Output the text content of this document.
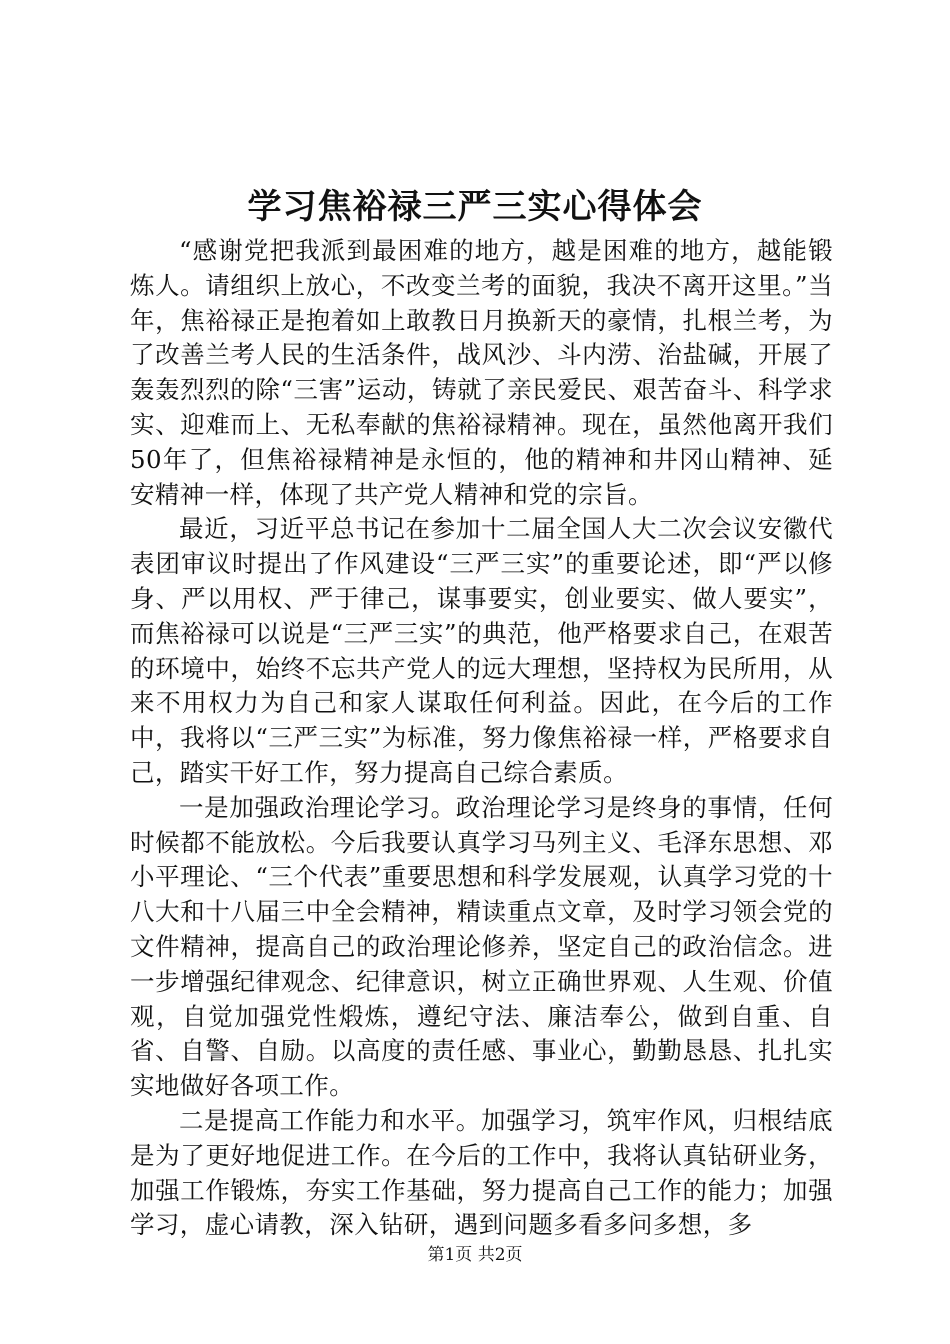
学习焦裕禄三严三实心得体会

“感谢党把我派到最困难的地方，越是困难的地方，越能锻炼人。请组织上放心，不改变兰考的面貌，我决不离开这里。”当年，焦裕禄正是抱着如上敢教日月换新天的豪情，扎根兰考，为了改善兰考人民的生活条件，战风沙、斗内涝、治盐碱，开展了轰轰烈烈的除“三害”运动，铸就了亲民爱民、艰苦奋斗、科学求实、迎难而上、无私奉献的焦裕禄精神。现在，虽然他离开我们50年了，但焦裕禄精神是永恒的，他的精神和井冈山精神、延安精神一样，体现了共产党人精神和党的宗旨。

最近，习近平总书记在参加十二届全国人大二次会议安徽代表团审议时提出了作风建设“三严三实”的重要论述，即“严以修身、严以用权、严于律己，谋事要实，创业要实、做人要实”，而焦裕禄可以说是“三严三实”的典范，他严格要求自己，在艰苦的环境中，始终不忘共产党人的远大理想，坚持权为民所用，从来不用权力为自己和家人谋取任何利益。因此，在今后的工作中，我将以“三严三实”为标准，努力像焦裕禄一样，严格要求自己，踏实干好工作，努力提高自己综合素质。

一是加强政治理论学习。政治理论学习是终身的事情，任何时候都不能放松。今后我要认真学习马列主义、毛泽东思想、邓小平理论、“三个代表”重要思想和科学发展观，认真学习党的十八大和十八届三中全会精神，精读重点文章，及时学习领会党的文件精神，提高自己的政治理论修养，坚定自己的政治信念。进一步增强纪律观念、纪律意识，树立正确世界观、人生观、价值观，自觉加强党性煅炼，遵纪守法、廉洁奉公，做到自重、自省、自警、自励。以高度的责任感、事业心，勤勤恳恳、扎扎实实地做好各项工作。

二是提高工作能力和水平。加强学习，筑牢作风，归根结底是为了更好地促进工作。在今后的工作中，我将认真钻研业务，加强工作锻炼，夯实工作基础，努力提高自己工作的能力；加强学习，虚心请教，深入钻研，遇到问题多看多问多想，多

第1页 共2页
